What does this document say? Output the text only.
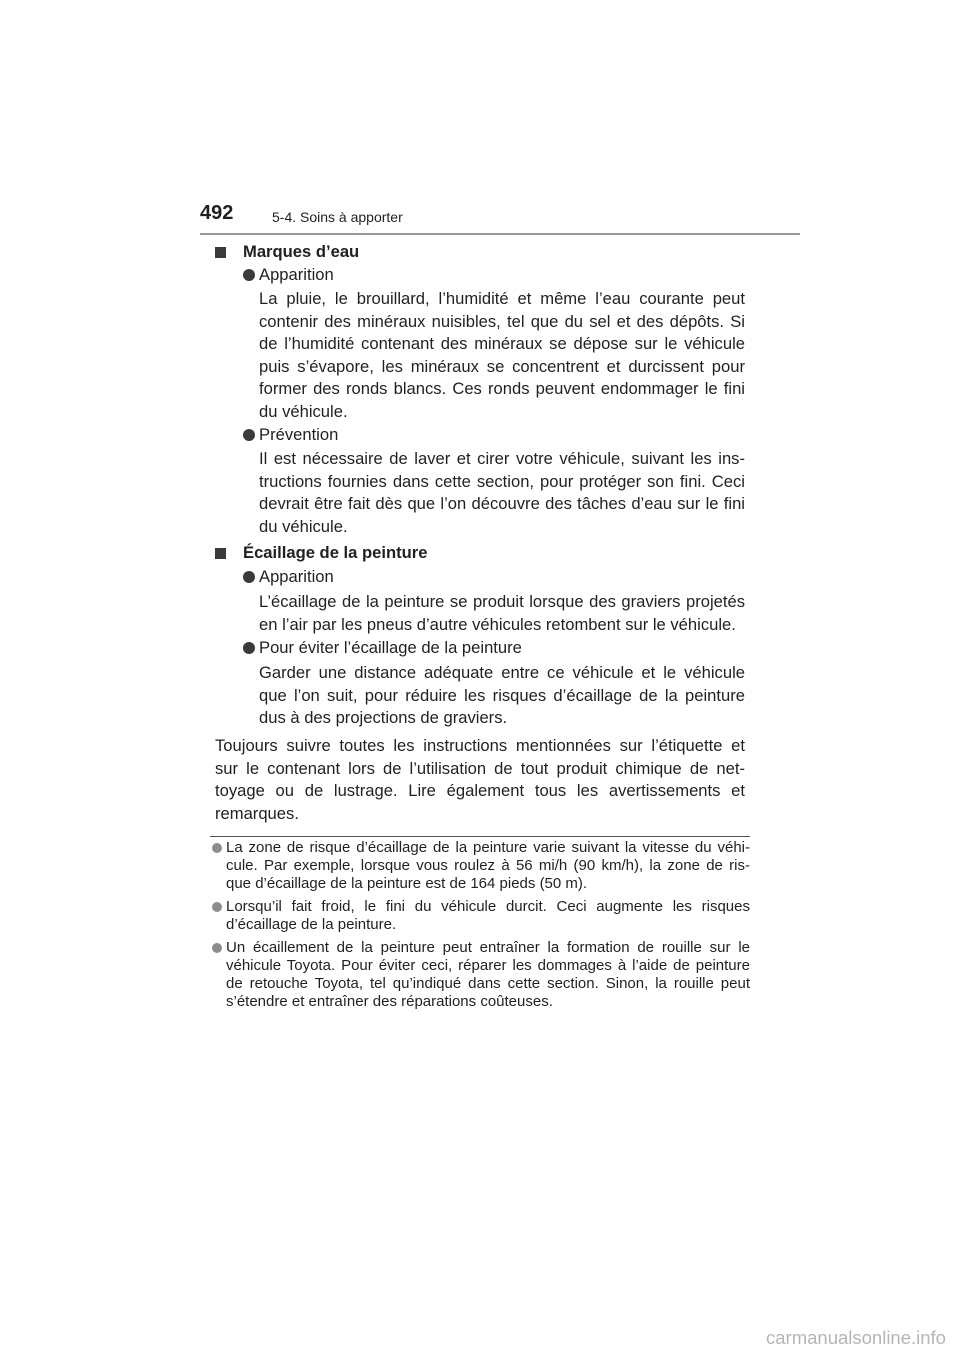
492	5-4. Soins à apporter
Marques d’eau
Apparition
La pluie, le brouillard, l’humidité et même l’eau courante peut
contenir des minéraux nuisibles, tel que du sel et des dépôts. Si
de l’humidité contenant des minéraux se dépose sur le véhicule
puis s’évapore, les minéraux se concentrent et durcissent pour
former des ronds blancs. Ces ronds peuvent endommager le fini
du véhicule.
Prévention
Il est nécessaire de laver et cirer votre véhicule, suivant les ins-
tructions fournies dans cette section, pour protéger son fini. Ceci
devrait être fait dès que l’on découvre des tâches d’eau sur le fini
du véhicule.
Écaillage de la peinture
Apparition
L’écaillage de la peinture se produit lorsque des graviers projetés
en l’air par les pneus d’autre véhicules retombent sur le véhicule.
Pour éviter l’écaillage de la peinture
Garder une distance adéquate entre ce véhicule et le véhicule
que l’on suit, pour réduire les risques d’écaillage de la peinture
dus à des projections de graviers.
Toujours suivre toutes les instructions mentionnées sur l’étiquette et
sur le contenant lors de l’utilisation de tout produit chimique de net-
toyage ou de lustrage. Lire également tous les avertissements et
remarques.
La zone de risque d’écaillage de la peinture varie suivant la vitesse du véhi-
cule. Par exemple, lorsque vous roulez à 56 mi/h (90 km/h), la zone de ris-
que d’écaillage de la peinture est de 164 pieds (50 m).
Lorsqu’il fait froid, le fini du véhicule durcit. Ceci augmente les risques
d’écaillage de la peinture.
Un écaillement de la peinture peut entraîner la formation de rouille sur le
véhicule Toyota. Pour éviter ceci, réparer les dommages à l’aide de peinture
de retouche Toyota, tel qu’indiqué dans cette section. Sinon, la rouille peut
s’étendre et entraîner des réparations coûteuses.
carmanualsonline.info
